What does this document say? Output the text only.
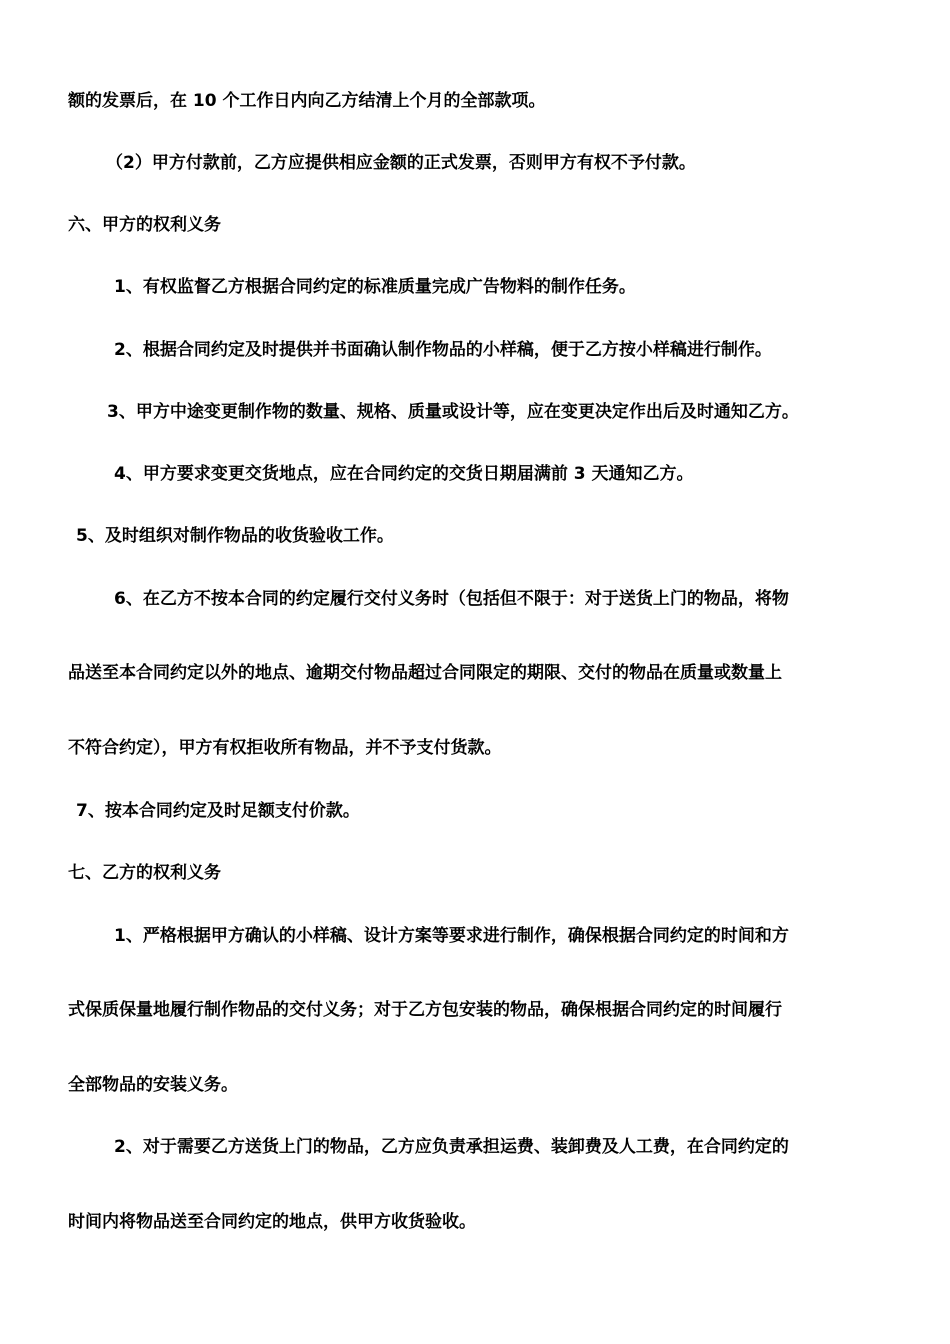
额的发票后，在 10 个工作日内向乙方结清上个月的全部款项。
（2）甲方付款前，乙方应提供相应金额的正式发票，否则甲方有权不予付款。
六、甲方的权利义务
1、有权监督乙方根据合同约定的标准质量完成广告物料的制作任务。
2、根据合同约定及时提供并书面确认制作物品的小样稿，便于乙方按小样稿进行制作。
3、甲方中途变更制作物的数量、规格、质量或设计等，应在变更决定作出后及时通知乙方。
4、甲方要求变更交货地点，应在合同约定的交货日期届满前 3 天通知乙方。
5、及时组织对制作物品的收货验收工作。
6、在乙方不按本合同的约定履行交付义务时（包括但不限于：对于送货上门的物品，将物
品送至本合同约定以外的地点、逾期交付物品超过合同限定的期限、交付的物品在质量或数量上
不符合约定），甲方有权拒收所有物品，并不予支付货款。
7、按本合同约定及时足额支付价款。
七、乙方的权利义务
1、严格根据甲方确认的小样稿、设计方案等要求进行制作，确保根据合同约定的时间和方
式保质保量地履行制作物品的交付义务；对于乙方包安装的物品，确保根据合同约定的时间履行
全部物品的安装义务。
2、对于需要乙方送货上门的物品，乙方应负责承担运费、装卸费及人工费，在合同约定的
时间内将物品送至合同约定的地点，供甲方收货验收。
